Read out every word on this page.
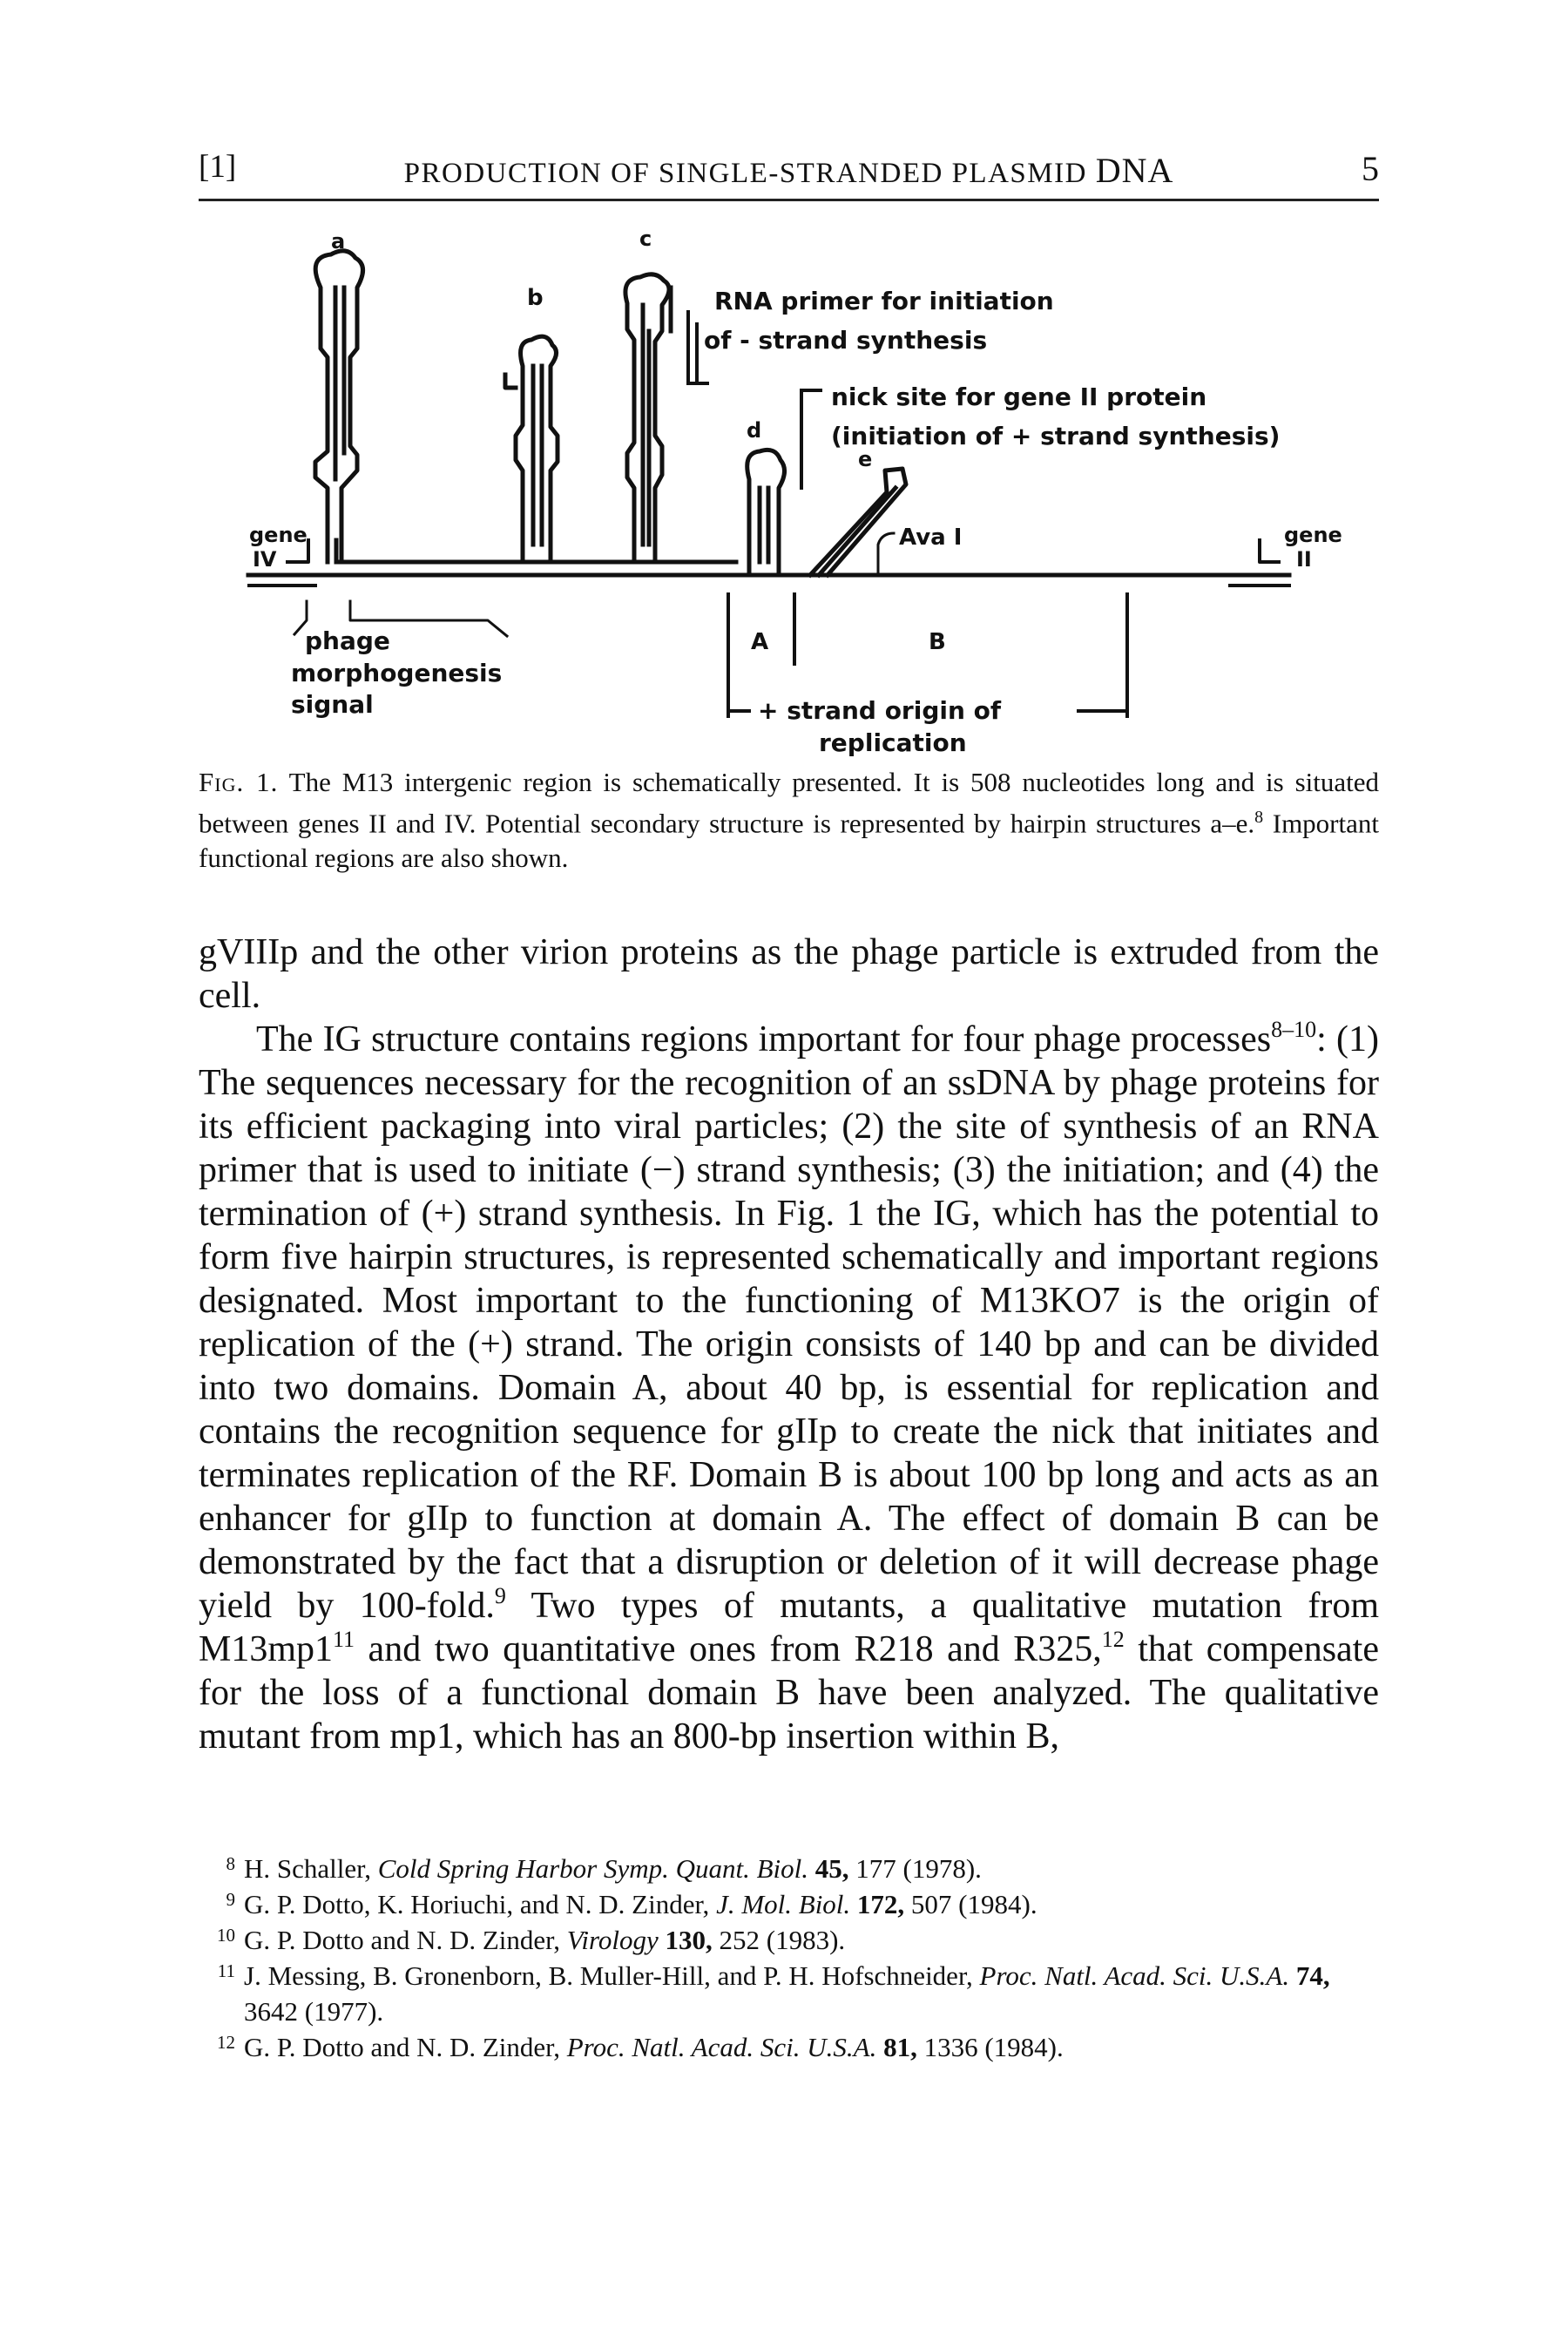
[1]	PRODUCTION OF SINGLE-STRANDED PLASMID DNA	5
a
b
c
d
e
RNA primer for initiation
of - strand synthesis
nick site for gene II protein
(initiation of + strand synthesis)
gene
IV
gene
II
Ava I
phage
morphogenesis
signal
A	B
+ strand origin of
replication
Fig. 1. The M13 intergenic region is schematically presented. It is 508 nucleotides long and is situated between genes II and IV. Potential secondary structure is represented by hairpin structures a–e.$^8$ Important functional regions are also shown.

gVIIIp and the other virion proteins as the phage particle is extruded from the cell.

The IG structure contains regions important for four phage processes$^{8-10}$: (1) The sequences necessary for the recognition of an ssDNA by phage proteins for its efficient packaging into viral particles; (2) the site of synthesis of an RNA primer that is used to initiate (−) strand synthesis; (3) the initiation; and (4) the termination of (+) strand synthesis. In Fig. 1 the IG, which has the potential to form five hairpin structures, is represented schematically and important regions designated. Most important to the functioning of M13KO7 is the origin of replication of the (+) strand. The origin consists of 140 bp and can be divided into two domains. Domain A, about 40 bp, is essential for replication and contains the recognition sequence for gIIp to create the nick that initiates and terminates replication of the RF. Domain B is about 100 bp long and acts as an enhancer for gIIp to function at domain A. The effect of domain B can be demonstrated by the fact that a disruption or deletion of it will decrease phage yield by 100-fold.$^9$ Two types of mutants, a qualitative mutation from $M13mp1^{11}$ and two quantitative ones from R218 and R325,12 that compensate for the loss of a functional domain B have been analyzed. The qualitative mutant from mp1, which has an 800-bp insertion within B,

8 H. Schaller, Cold Spring Harbor Symp. Quant. Biol. 45, 177 (1978).
9 G. P. Dotto, K. Horiuchi, and N. D. Zinder, J. Mol. Biol. 172, 507 (1984).
10 G. P. Dotto and N. D. Zinder, Virology 130, 252 (1983).
11 J. Messing, B. Gronenborn, B. Muller-Hill, and P. H. Hofschneider, Proc. Natl. Acad. Sci. U.S.A. 74, 3642 (1977).
12 G. P. Dotto and N. D. Zinder, Proc. Natl. Acad. Sci. U.S.A. 81, 1336 (1984).
